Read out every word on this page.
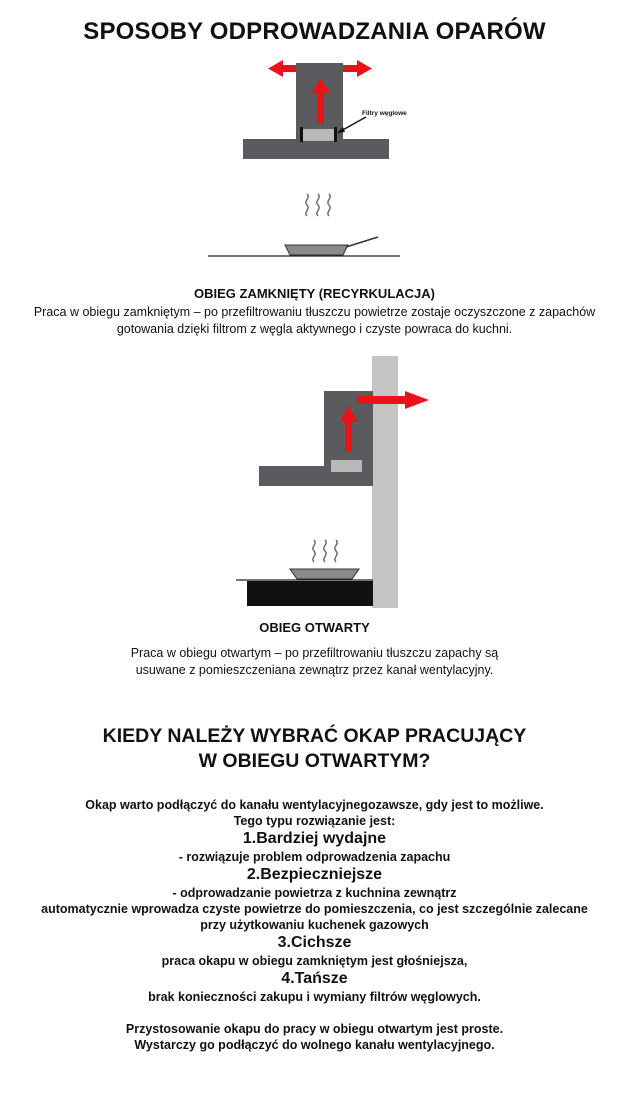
SPOSOBY ODPROWADZANIA OPARÓW
Filtry węglowe
OBIEG ZAMKNIĘTY (RECYRKULACJA)
Praca w obiegu zamkniętym – po przefiltrowaniu tłuszczu powietrze zostaje oczyszczone z zapachów
gotowania dzięki filtrom z węgla aktywnego i czyste powraca do kuchni.
OBIEG OTWARTY
Praca w obiegu otwartym – po przefiltrowaniu tłuszczu zapachy są
usuwane z pomieszczeniana zewnątrz przez kanał wentylacyjny.
KIEDY NALEŻY WYBRAĆ OKAP PRACUJĄCY
W OBIEGU OTWARTYM?
Okap warto podłączyć do kanału wentylacyjnegozawsze, gdy jest to możliwe.
Tego typu rozwiązanie jest:
1.Bardziej wydajne
- rozwiązuje problem odprowadzenia zapachu
2.Bezpieczniejsze
- odprowadzanie powietrza z kuchnina zewnątrz
automatycznie wprowadza czyste powietrze do pomieszczenia, co jest szczególnie zalecane
przy użytkowaniu kuchenek gazowych
3.Cichsze
praca okapu w obiegu zamkniętym jest głośniejsza,
4.Tańsze
brak konieczności zakupu i wymiany filtrów węglowych.
Przystosowanie okapu do pracy w obiegu otwartym jest proste.
Wystarczy go podłączyć do wolnego kanału wentylacyjnego.
